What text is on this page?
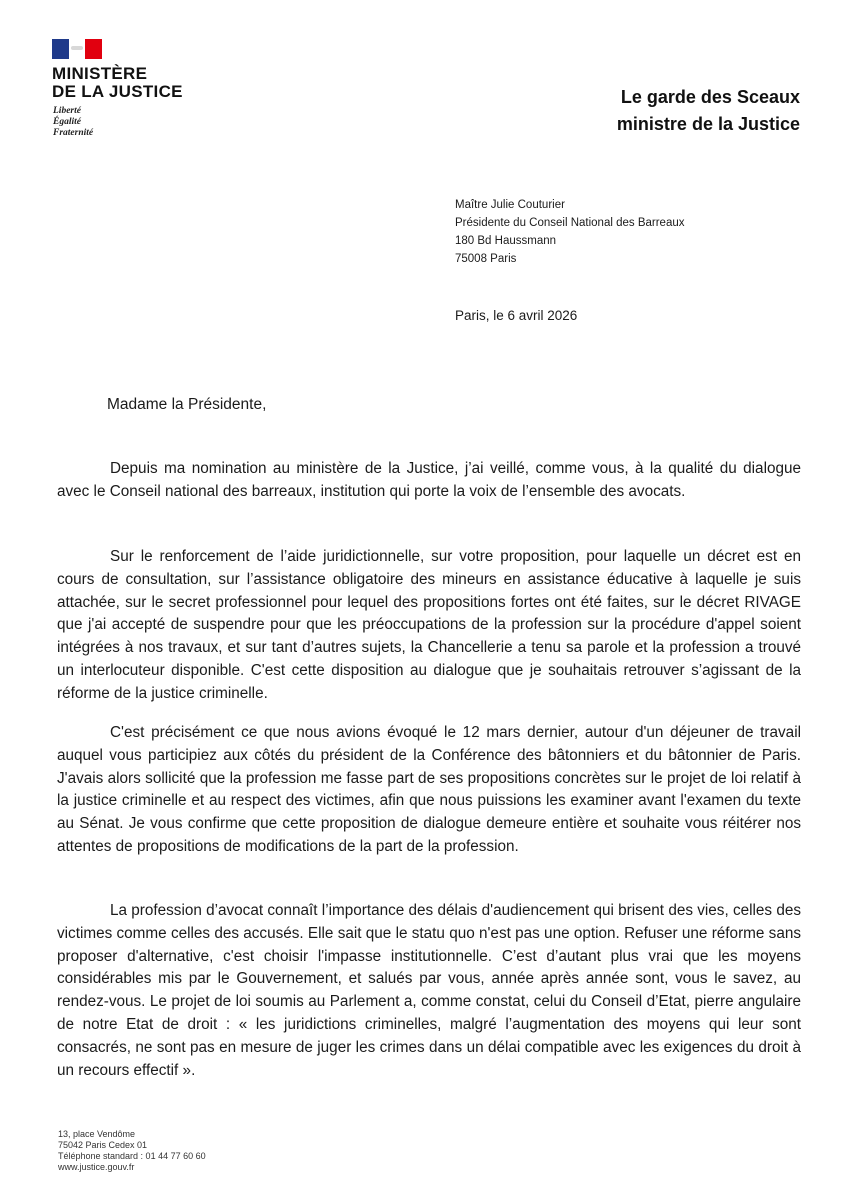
MINISTÈRE
DE LA JUSTICE
Liberté
Égalité
Fraternité
Le garde des Sceaux
ministre de la Justice
Maître Julie Couturier
Présidente du Conseil National des Barreaux
180 Bd Haussmann
75008 Paris
Paris, le 6 avril 2026
Madame la Présidente,

Depuis ma nomination au ministère de la Justice, j’ai veillé, comme vous, à la qualité du dialogue avec le Conseil national des barreaux, institution qui porte la voix de l’ensemble des avocats.

Sur le renforcement de l’aide juridictionnelle, sur votre proposition, pour laquelle un décret est en cours de consultation, sur l’assistance obligatoire des mineurs en assistance éducative à laquelle je suis attachée, sur le secret professionnel pour lequel des propositions fortes ont été faites, sur le décret RIVAGE que j'ai accepté de suspendre pour que les préoccupations de la profession sur la procédure d'appel soient intégrées à nos travaux, et sur tant d’autres sujets, la Chancellerie a tenu sa parole et la profession a trouvé un interlocuteur disponible. C'est cette disposition au dialogue que je souhaitais retrouver s’agissant de la réforme de la justice criminelle.

C'est précisément ce que nous avions évoqué le 12 mars dernier, autour d'un déjeuner de travail auquel vous participiez aux côtés du président de la Conférence des bâtonniers et du bâtonnier de Paris. J'avais alors sollicité que la profession me fasse part de ses propositions concrètes sur le projet de loi relatif à la justice criminelle et au respect des victimes, afin que nous puissions les examiner avant l'examen du texte au Sénat. Je vous confirme que cette proposition de dialogue demeure entière et souhaite vous réitérer nos attentes de propositions de modifications de la part de la profession.

La profession d’avocat connaît l’importance des délais d'audiencement qui brisent des vies, celles des victimes comme celles des accusés. Elle sait que le statu quo n'est pas une option. Refuser une réforme sans proposer d'alternative, c'est choisir l'impasse institutionnelle. C’est d’autant plus vrai que les moyens considérables mis par le Gouvernement, et salués par vous, année après année sont, vous le savez, au rendez-vous. Le projet de loi soumis au Parlement a, comme constat, celui du Conseil d’Etat, pierre angulaire de notre Etat de droit : « les juridictions criminelles, malgré l’augmentation des moyens qui leur sont consacrés, ne sont pas en mesure de juger les crimes dans un délai compatible avec les exigences du droit à un recours effectif ».

13, place Vendôme
75042 Paris Cedex 01
Téléphone standard : 01 44 77 60 60
www.justice.gouv.fr
